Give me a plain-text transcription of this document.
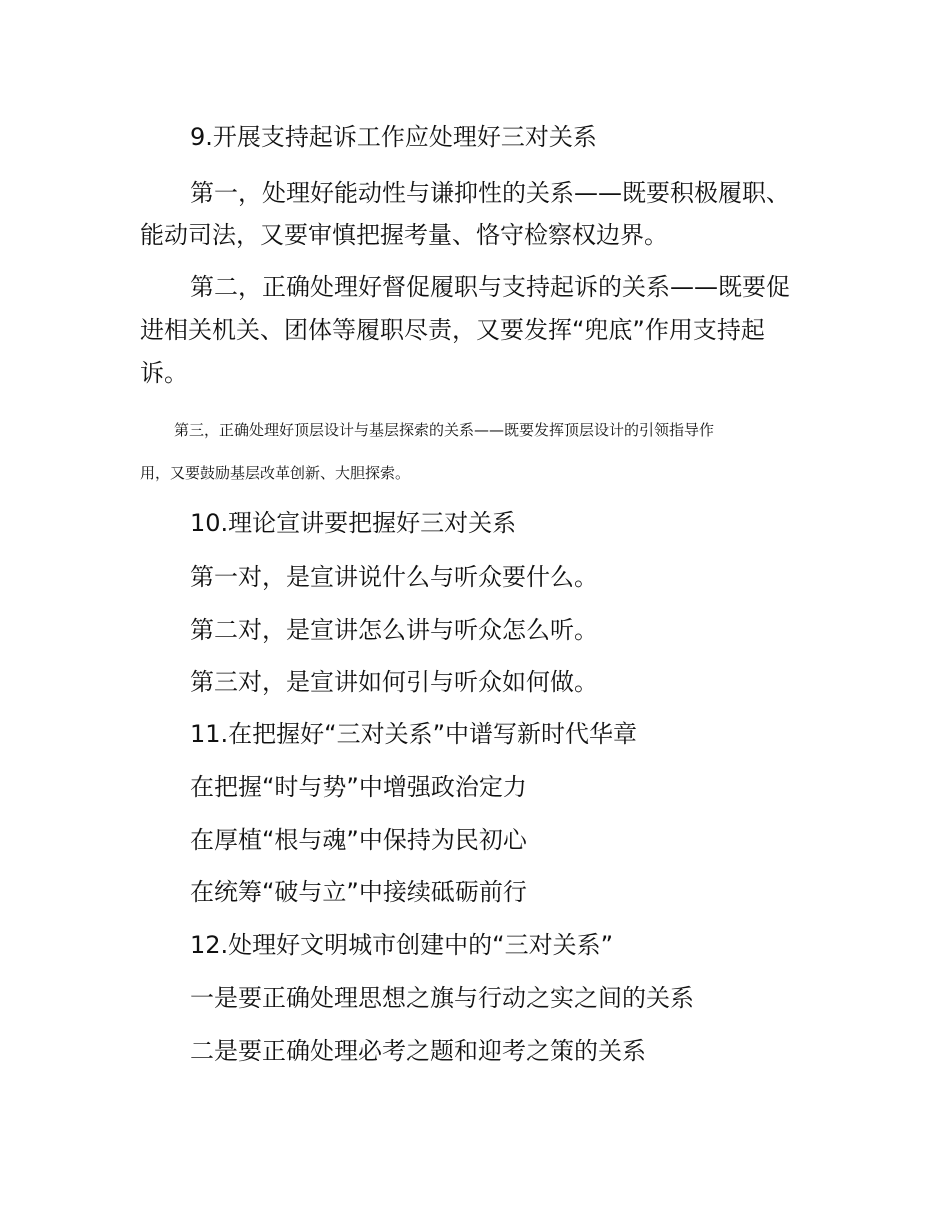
9.开展支持起诉工作应处理好三对关系

第一，处理好能动性与谦抑性的关系——既要积极履职、

能动司法，又要审慎把握考量、恪守检察权边界。

第二，正确处理好督促履职与支持起诉的关系——既要促

进相关机关、团体等履职尽责，又要发挥“兜底”作用支持起

诉。

第三，正确处理好顶层设计与基层探索的关系——既要发挥顶层设计的引领指导作

用，又要鼓励基层改革创新、大胆探索。

10.理论宣讲要把握好三对关系

第一对，是宣讲说什么与听众要什么。

第二对，是宣讲怎么讲与听众怎么听。

第三对，是宣讲如何引与听众如何做。

11.在把握好“三对关系”中谱写新时代华章

在把握“时与势”中增强政治定力

在厚植“根与魂”中保持为民初心

在统筹“破与立”中接续砥砺前行

12.处理好文明城市创建中的“三对关系”

一是要正确处理思想之旗与行动之实之间的关系

二是要正确处理必考之题和迎考之策的关系
